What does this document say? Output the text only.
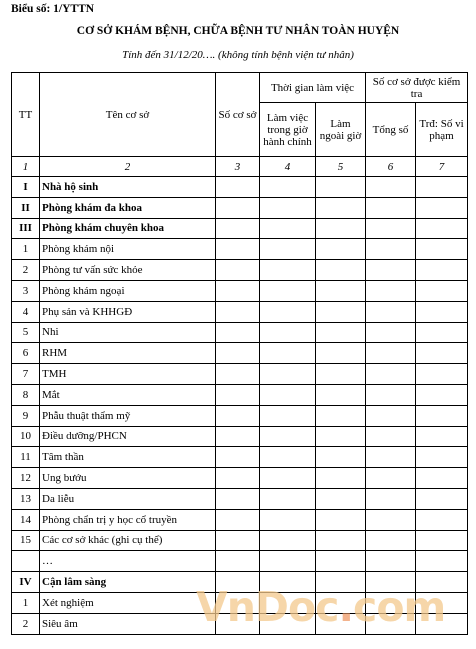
Biểu số: 1/YTTN
CƠ SỞ KHÁM BỆNH, CHỮA BỆNH TƯ NHÂN TOÀN HUYỆN
Tính đến 31/12/20…. (không tính bệnh viện tư nhân)
TT	Tên cơ sở	Số cơ sở	Thời gian làm việc		Số cơ sở được kiểm tra	
			Làm việc trong giờ hành chính	Làm ngoài giờ	Tổng số	Trđ: Số vi phạm
1	2	3	4	5	6	7
I	Nhà hộ sinh					
II	Phòng khám đa khoa					
III	Phòng khám chuyên khoa					
1	Phòng khám nội					
2	Phòng tư vấn sức khỏe					
3	Phòng khám ngoại					
4	Phụ sản và KHHGĐ					
5	Nhi					
6	RHM					
7	TMH					
8	Mắt					
9	Phẫu thuật thẩm mỹ					
10	Điều dưỡng/PHCN					
11	Tâm thần					
12	Ung bướu					
13	Da liễu					
14	Phòng chẩn trị y học cổ truyền					
15	Các cơ sở khác (ghi cụ thể)					
	…					
IV	Cận lâm sàng					
1	Xét nghiệm					
2	Siêu âm						VnDoc.com
